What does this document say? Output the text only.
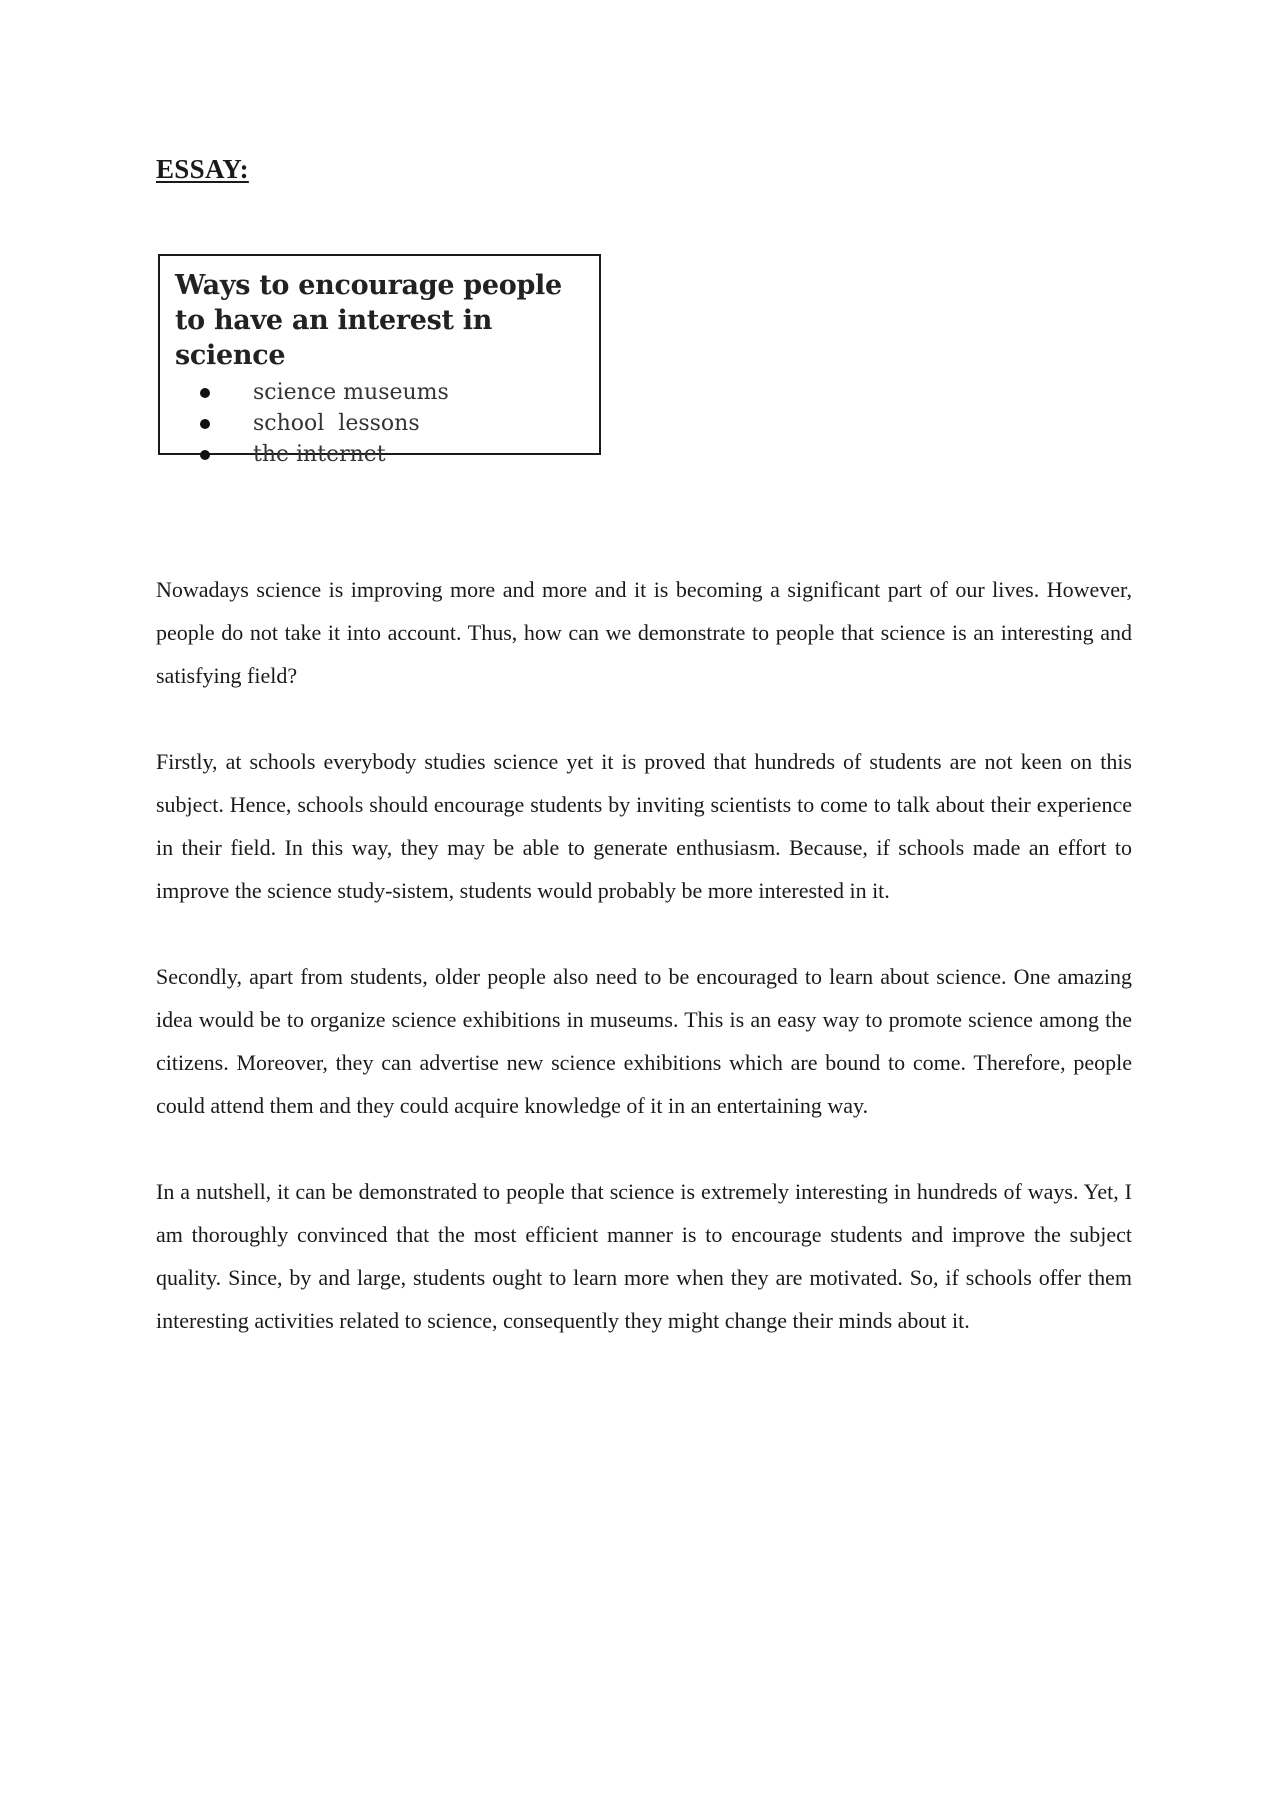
ESSAY:

Ways to encourage people to have an interest in science

science museums
school  lessons
the internet

Nowadays science is improving more and more and it is becoming a significant part of our lives. However, people do not take it into account. Thus, how can we demonstrate to people that science is an interesting and satisfying field?

Firstly, at schools everybody studies science yet it is proved that hundreds of students are not keen on this subject. Hence, schools should encourage students by inviting scientists to come to talk about their experience in their field. In this way, they may be able to generate enthusiasm. Because, if schools made an effort to improve the science study-sistem, students would probably be more interested in it.

Secondly, apart from students, older people also need to be encouraged to learn about science. One amazing idea would be to organize science exhibitions in museums. This is an easy way to promote science among the citizens. Moreover, they can advertise new science exhibitions which are bound to come. Therefore, people could attend them and they could acquire knowledge of it in an entertaining way.

In a nutshell, it can be demonstrated to people that science is extremely interesting in hundreds of ways. Yet, I am thoroughly convinced that the most efficient manner is to encourage students and improve the subject quality. Since, by and large, students ought to learn more when they are motivated. So, if schools offer them interesting activities related to science, consequently they might change their minds about it.
